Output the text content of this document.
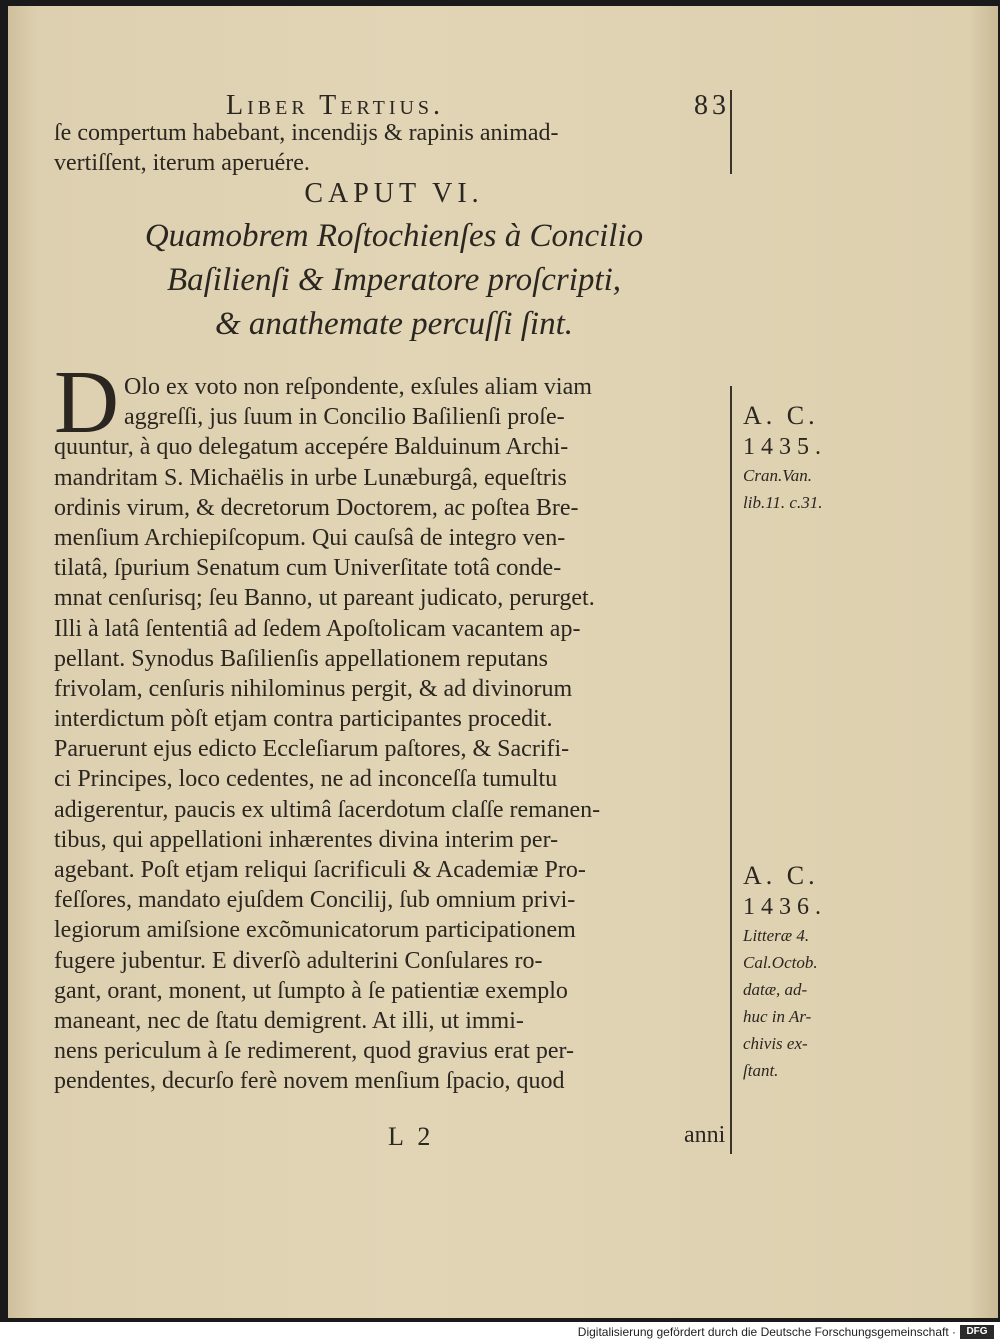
Liber Tertius.	83
ſe compertum habebant, incendijs & rapinis animad-
vertiſſent, iterum aperuére.
CAPUT VI.
Quamobrem Roſtochienſes à Concilio
Baſilienſi & Imperatore proſcripti,
& anathemate percuſſi ſint.
D Olo ex voto non reſpondente, exſules aliam viam
aggreſſi, jus ſuum in Concilio Baſilienſi proſe-
quuntur, à quo delegatum accepére Balduinum Archi-
mandritam S. Michaëlis in urbe Lunæburgâ, equeſtris
ordinis virum, & decretorum Doctorem, ac poſtea Bre-
menſium Archiepiſcopum. Qui cauſsâ de integro ven-
tilatâ, ſpurium Senatum cum Univerſitate totâ conde-
mnat cenſurisq; ſeu Banno, ut pareant judicato, perurget.
Illi à latâ ſententiâ ad ſedem Apoſtolicam vacantem ap-
pellant. Synodus Baſilienſis appellationem reputans
frivolam, cenſuris nihilominus pergit, & ad divinorum
interdictum pòſt etjam contra participantes procedit.
Paruerunt ejus edicto Eccleſiarum paſtores, & Sacrifi-
ci Principes, loco cedentes, ne ad inconceſſa tumultu
adigerentur, paucis ex ultimâ ſacerdotum claſſe remanen-
tibus, qui appellationi inhærentes divina interim per-
agebant. Poſt etjam reliqui ſacrificuli & Academiæ Pro-
feſſores, mandato ejuſdem Concilij, ſub omnium privi-
legiorum amiſsione excõmunicatorum participationem
fugere jubentur. E diverſò adulterini Conſulares ro-
gant, orant, monent, ut ſumpto à ſe patientiæ exemplo
maneant, nec de ſtatu demigrent. At illi, ut immi-
nens periculum à ſe redimerent, quod gravius erat per-
pendentes, decurſo ferè novem menſium ſpacio, quod
A. C.
1435.
Cran.Van.
lib.11. c.31.
A. C.
1436.
Litteræ 4.
Cal.Octob.
datæ, ad-
huc in Ar-
chivis ex-
ſtant.
L 2	anni
Digitalisierung gefördert durch die Deutsche Forschungsgemeinschaft ·	DFG
